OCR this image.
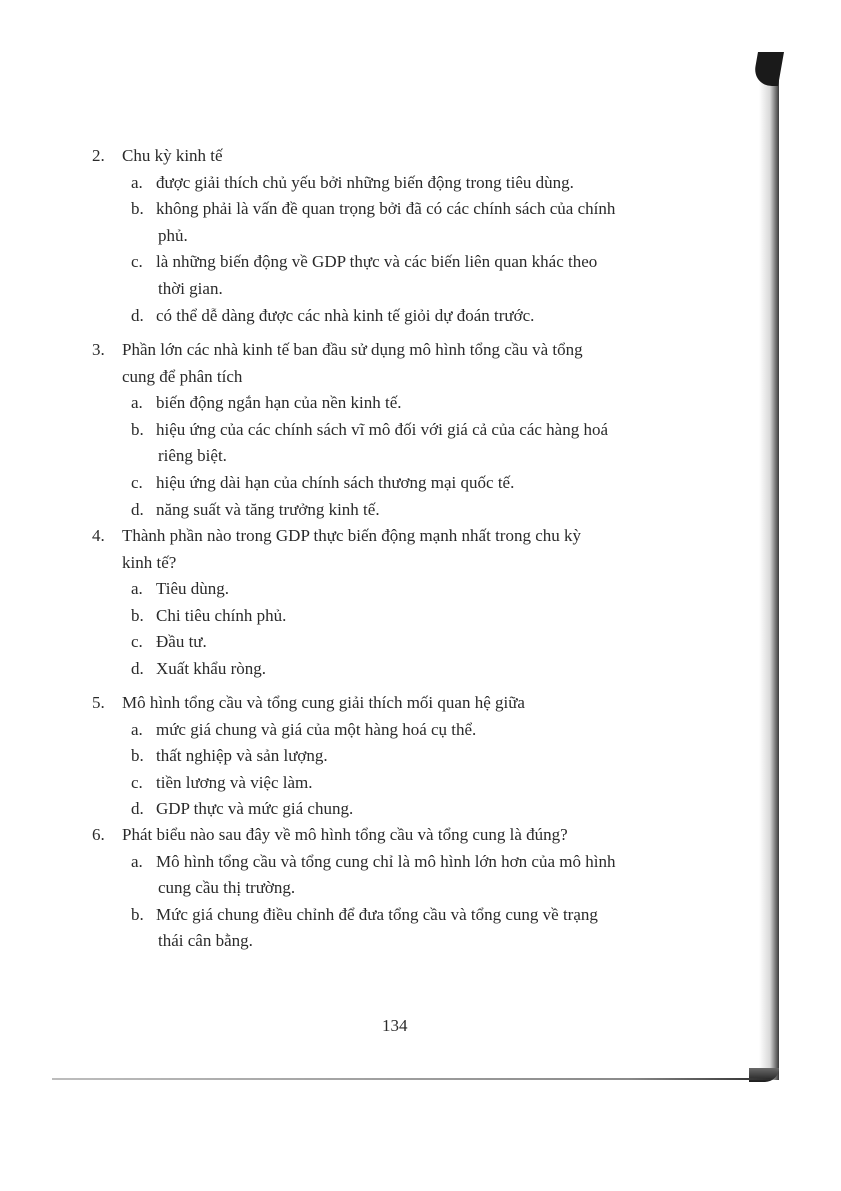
2. Chu kỳ kinh tế
a. được giải thích chủ yếu bởi những biến động trong tiêu dùng.
b. không phải là vấn đề quan trọng bởi đã có các chính sách của chính
phủ.
c. là những biến động về GDP thực và các biến liên quan khác theo
thời gian.
d. có thể dễ dàng được các nhà kinh tế giỏi dự đoán trước.
3. Phần lớn các nhà kinh tế ban đầu sử dụng mô hình tổng cầu và tổng
cung để phân tích
a. biến động ngắn hạn của nền kinh tế.
b. hiệu ứng của các chính sách vĩ mô đối với giá cả của các hàng hoá
riêng biệt.
c. hiệu ứng dài hạn của chính sách thương mại quốc tế.
d. năng suất và tăng trưởng kinh tế.
4. Thành phần nào trong GDP thực biến động mạnh nhất trong chu kỳ
kinh tế?
a. Tiêu dùng.
b. Chi tiêu chính phủ.
c. Đầu tư.
d. Xuất khẩu ròng.
5. Mô hình tổng cầu và tổng cung giải thích mối quan hệ giữa
a. mức giá chung và giá của một hàng hoá cụ thể.
b. thất nghiệp và sản lượng.
c. tiền lương và việc làm.
d. GDP thực và mức giá chung.
6. Phát biểu nào sau đây về mô hình tổng cầu và tổng cung là đúng?
a. Mô hình tổng cầu và tổng cung chỉ là mô hình lớn hơn của mô hình
cung cầu thị trường.
b. Mức giá chung điều chỉnh để đưa tổng cầu và tổng cung về trạng
thái cân bằng.
134
